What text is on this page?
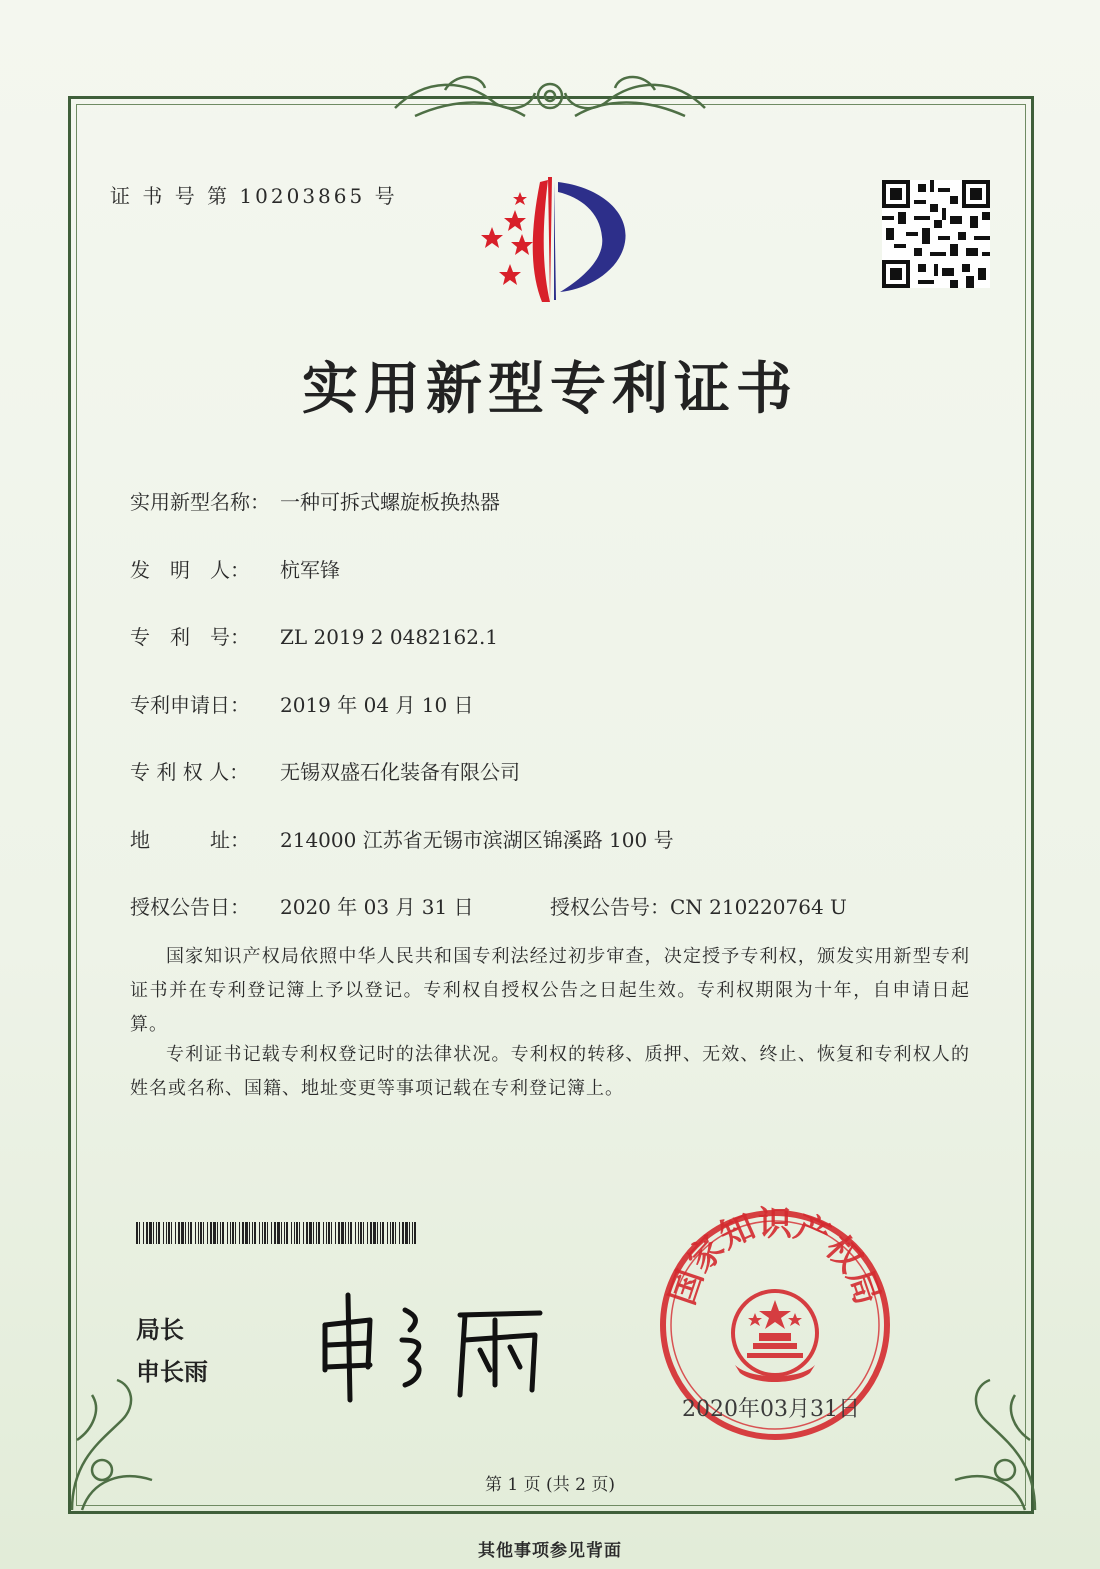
证 书 号 第 10203865 号
实用新型专利证书
实用新型名称： 一种可拆式螺旋板换热器
发　明　人： 杭军锋
专　利　号： ZL 2019 2 0482162.1
专利申请日： 2019 年 04 月 10 日
专 利 权 人： 无锡双盛石化装备有限公司
地　　　址： 214000 江苏省无锡市滨湖区锦溪路 100 号
授权公告日： 2020 年 03 月 31 日	授权公告号：CN 210220764 U
国家知识产权局依照中华人民共和国专利法经过初步审查，决定授予专利权，颁发实用新型专利证书并在专利登记簿上予以登记。专利权自授权公告之日起生效。专利权期限为十年，自申请日起算。
专利证书记载专利权登记时的法律状况。专利权的转移、质押、无效、终止、恢复和专利权人的姓名或名称、国籍、地址变更等事项记载在专利登记簿上。
局长
申长雨
国家知识产权局
2020年03月31日
第 1 页 (共 2 页)
其他事项参见背面
